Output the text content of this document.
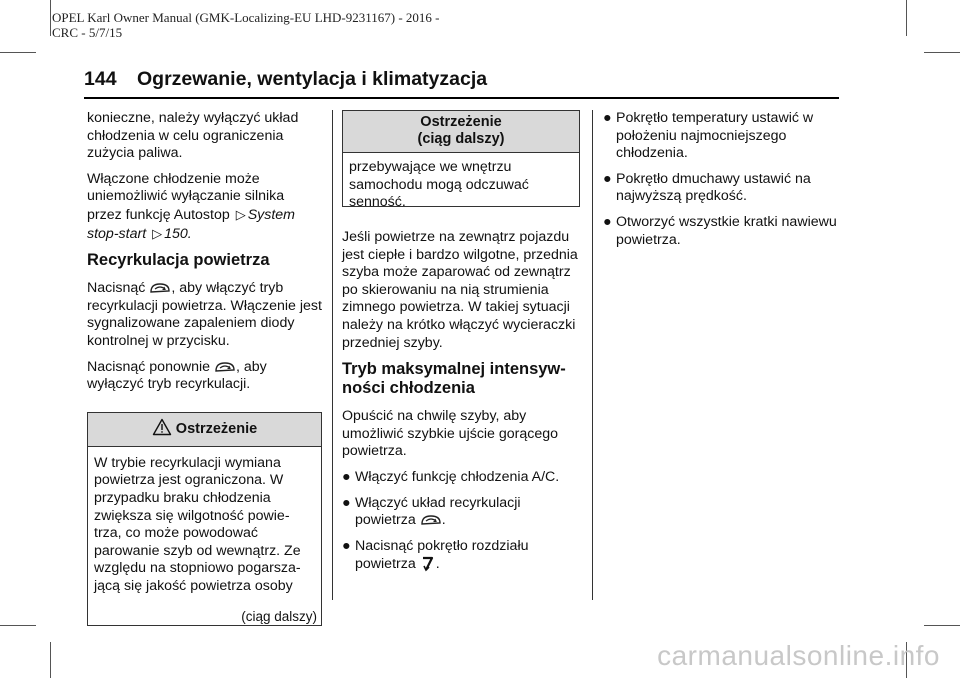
OPEL Karl Owner Manual (GMK-Localizing-EU LHD-9231167) - 2016 -
CRC - 5/7/15
144 Ogrzewanie, wentylacja i klimatyzacja

konieczne, należy wyłączyć układ chłodzenia w celu ograniczenia zużycia paliwa.

Włączone chłodzenie może uniemożliwić wyłączanie silnika przez funkcję Autostop ▷ System stop-start ▷ 150.

Recyrkulacja powietrza

Nacisnąć , aby włączyć tryb recyrkulacji powietrza. Włączenie jest sygnalizowane zapaleniem diody kontrolnej w przycisku.

Nacisnąć ponownie , aby wyłączyć tryb recyrkulacji.

Ostrzeżenie
W trybie recyrkulacji wymiana powietrza jest ograniczona. W przypadku braku chłodzenia zwiększa się wilgotność powie-trza, co może powodować parowanie szyb od wewnątrz. Ze względu na stopniowo pogarsza-jącą się jakość powietrza osoby
(ciąg dalszy)
Ostrzeżenie
(ciąg dalszy)
przebywające we wnętrzu samochodu mogą odczuwać senność.

Jeśli powietrze na zewnątrz pojazdu jest ciepłe i bardzo wilgotne, przednia szyba może zaparować od zewnątrz po skierowaniu na nią strumienia zimnego powietrza. W takiej sytuacji należy na krótko włączyć wycieraczki przedniej szyby.

Tryb maksymalnej intensyw-
ności chłodzenia

Opuścić na chwilę szyby, aby umożliwić szybkie ujście gorącego powietrza.

● Włączyć funkcję chłodzenia A/C.
● Włączyć układ recyrkulacji powietrza .
● Nacisnąć pokrętło rozdziału powietrza .
● Pokrętło temperatury ustawić w położeniu najmocniejszego chłodzenia.
● Pokrętło dmuchawy ustawić na najwyższą prędkość.
● Otworzyć wszystkie kratki nawiewu powietrza.
carmanualsonline.info
